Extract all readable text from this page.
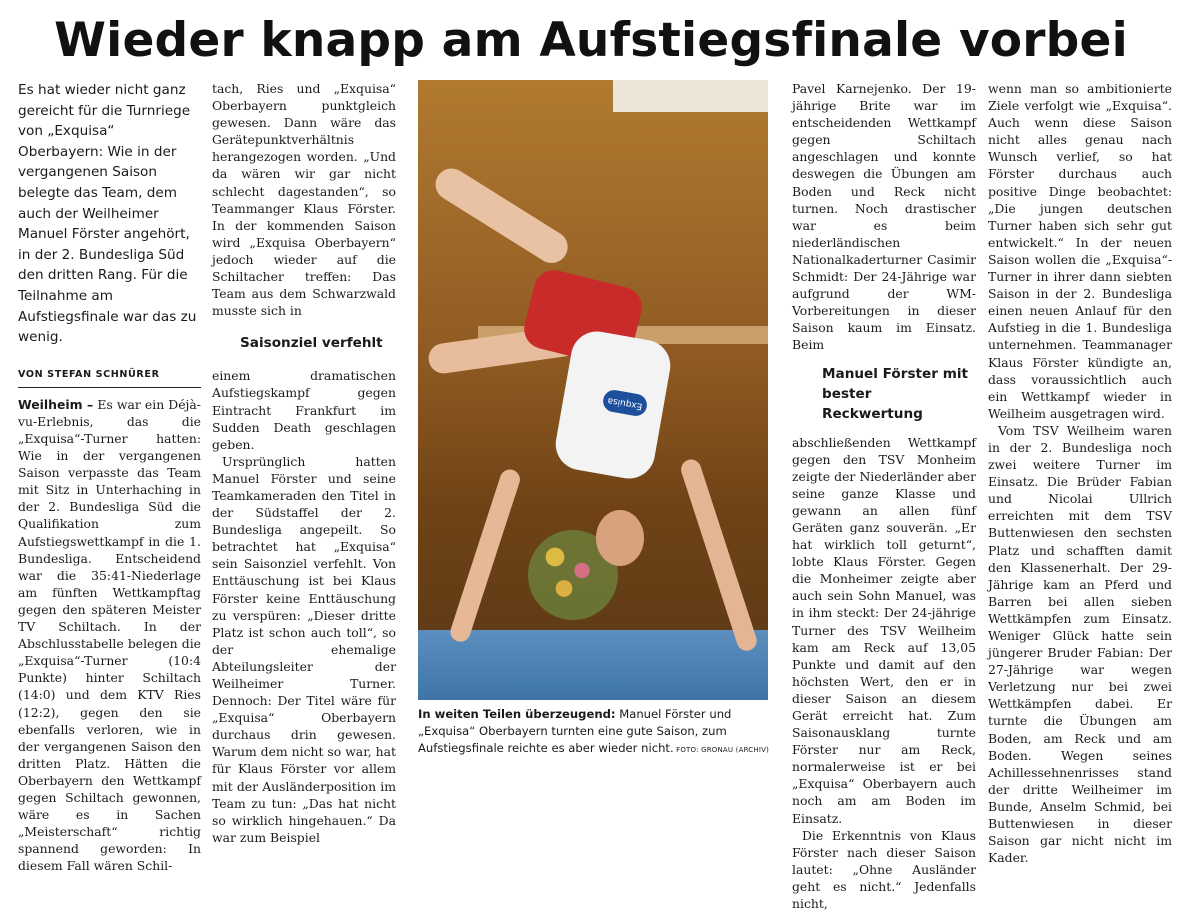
Wieder knapp am Aufstiegsfinale vorbei

Es hat wieder nicht ganz gereicht für die Turnriege von „Exquisa“ Oberbayern: Wie in der vergangenen Saison belegte das Team, dem auch der Weilheimer Manuel Förster angehört, in der 2. Bundesliga Süd den dritten Rang. Für die Teilnahme am Aufstiegsfinale war das zu wenig.

VON STEFAN SCHNÜRER

Weilheim – Es war ein Déjà-vu-Erlebnis, das die „Exquisa“-Turner hatten: Wie in der vergangenen Saison verpasste das Team mit Sitz in Unterhaching in der 2. Bundesliga Süd die Qualifikation zum Aufstiegswettkampf in die 1. Bundesliga. Entscheidend war die 35:41-Niederlage am fünften Wettkampftag gegen den späteren Meister TV Schiltach. In der Abschlusstabelle belegen die „Exquisa“-Turner (10:4 Punkte) hinter Schiltach (14:0) und dem KTV Ries (12:2), gegen den sie ebenfalls verloren, wie in der vergangenen Saison den dritten Platz. Hätten die Oberbayern den Wettkampf gegen Schiltach gewonnen, wäre es in Sachen „Meisterschaft“ richtig spannend geworden: In diesem Fall wären Schil-

tach, Ries und „Exquisa“ Oberbayern punktgleich gewesen. Dann wäre das Gerätepunktverhältnis herangezogen worden. „Und da wären wir gar nicht schlecht dagestanden“, so Teammanger Klaus Förster. In der kommenden Saison wird „Exquisa Oberbayern“ jedoch wieder auf die Schiltacher treffen: Das Team aus dem Schwarzwald musste sich in

Saisonziel verfehlt

einem dramatischen Aufstiegskampf gegen Eintracht Frankfurt im Sudden Death geschlagen geben.

Ursprünglich hatten Manuel Förster und seine Teamkameraden den Titel in der Südstaffel der 2. Bundesliga angepeilt. So betrachtet hat „Exquisa“ sein Saisonziel verfehlt. Von Enttäuschung ist bei Klaus Förster keine Enttäuschung zu verspüren: „Dieser dritte Platz ist schon auch toll“, so der ehemalige Abteilungsleiter der Weilheimer Turner. Dennoch: Der Titel wäre für „Exquisa“ Oberbayern durchaus drin gewesen. Warum dem nicht so war, hat für Klaus Förster vor allem mit der Ausländerposition im Team zu tun: „Das hat nicht so wirklich hingehauen.“ Da war zum Beispiel

Exquisa
In weiten Teilen überzeugend: Manuel Förster und „Exquisa“ Oberbayern turnten eine gute Saison, zum Aufstiegsfinale reichte es aber wieder nicht. FOTO: GRONAU (ARCHIV)

Pavel Karnejenko. Der 19-jährige Brite war im entscheidenden Wettkampf gegen Schiltach angeschlagen und konnte deswegen die Übungen am Boden und Reck nicht turnen. Noch drastischer war es beim niederländischen Nationalkaderturner Casimir Schmidt: Der 24-Jährige war aufgrund der WM-Vorbereitungen in dieser Saison kaum im Einsatz. Beim

Manuel Förster mit bester Reckwertung

abschließenden Wettkampf gegen den TSV Monheim zeigte der Niederländer aber seine ganze Klasse und gewann an allen fünf Geräten ganz souverän. „Er hat wirklich toll geturnt“, lobte Klaus Förster. Gegen die Monheimer zeigte aber auch sein Sohn Manuel, was in ihm steckt: Der 24-jährige Turner des TSV Weilheim kam am Reck auf 13,05 Punkte und damit auf den höchsten Wert, den er in dieser Saison an diesem Gerät erreicht hat. Zum Saisonausklang turnte Förster nur am Reck, normalerweise ist er bei „Exquisa“ Oberbayern auch noch am am Boden im Einsatz.

Die Erkenntnis von Klaus Förster nach dieser Saison lautet: „Ohne Ausländer geht es nicht.“ Jedenfalls nicht,

wenn man so ambitionierte Ziele verfolgt wie „Exquisa“. Auch wenn diese Saison nicht alles genau nach Wunsch verlief, so hat Förster durchaus auch positive Dinge beobachtet: „Die jungen deutschen Turner haben sich sehr gut entwickelt.“ In der neuen Saison wollen die „Exquisa“-Turner in ihrer dann siebten Saison in der 2. Bundesliga einen neuen Anlauf für den Aufstieg in die 1. Bundesliga unternehmen. Teammanager Klaus Förster kündigte an, dass voraussichtlich auch ein Wettkampf wieder in Weilheim ausgetragen wird.

Vom TSV Weilheim waren in der 2. Bundesliga noch zwei weitere Turner im Einsatz. Die Brüder Fabian und Nicolai Ullrich erreichten mit dem TSV Buttenwiesen den sechsten Platz und schafften damit den Klassenerhalt. Der 29-Jährige kam an Pferd und Barren bei allen sieben Wettkämpfen zum Einsatz. Weniger Glück hatte sein jüngerer Bruder Fabian: Der 27-Jährige war wegen Verletzung nur bei zwei Wettkämpfen dabei. Er turnte die Übungen am Boden, am Reck und am Boden. Wegen seines Achillessehnenrisses stand der dritte Weilheimer im Bunde, Anselm Schmid, bei Buttenwiesen in dieser Saison gar nicht nicht im Kader.
